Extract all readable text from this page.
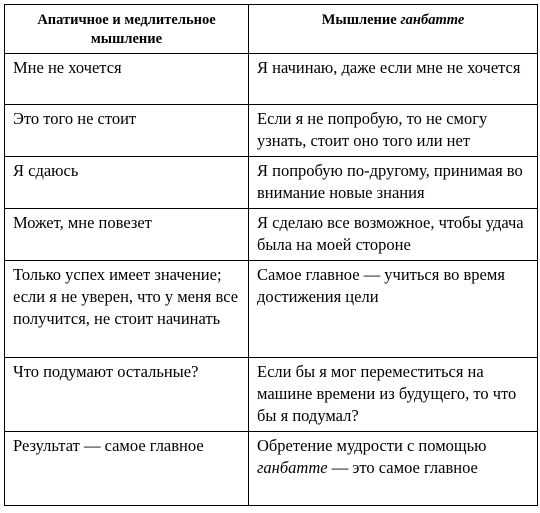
Апатичное и медлительное мышление	Мышление ганбатте
Мне не хочется	Я начинаю, даже если мне не хочется
Это того не стоит	Если я не попробую, то не смогу узнать, стоит оно того или нет
Я сдаюсь	Я попробую по-другому, принимая во внимание новые знания
Может, мне повезет	Я сделаю все возможное, чтобы удача была на моей стороне
Только успех имеет значение; если я не уверен, что у меня все получится, не стоит начинать	Самое главное — учиться во время достижения цели
Что подумают остальные?	Если бы я мог переместиться на машине времени из будущего, то что бы я подумал?
Результат — самое главное	Обретение мудрости с помощью ганбатте — это самое главное
